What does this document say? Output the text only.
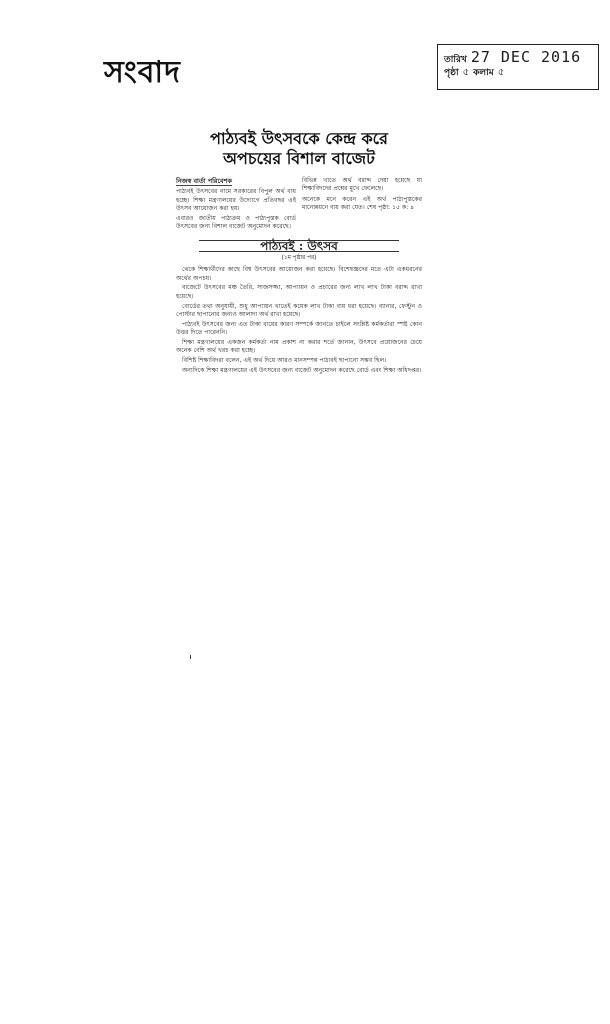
সংবাদ	তারিখ 27 DEC 2016
পৃষ্ঠা ৫ কলাম ৫
পাঠ্যবই উৎসবকে কেন্দ্র করে
অপচয়ের বিশাল বাজেট
নিজস্ব বার্তা পরিবেশক

পাঠ্যবই উৎসবের নামে সরকারের বিপুল অর্থ ব্যয় হচ্ছে। শিক্ষা মন্ত্রণালয়ের উদ্যোগে প্রতিবছর এই উৎসব আয়োজন করা হয়।

এবারও জাতীয় পাঠ্যক্রম ও পাঠ্যপুস্তক বোর্ড উৎসবের জন্য বিশাল বাজেট অনুমোদন করেছে।

বিভিন্ন খাতে অর্থ বরাদ্দ দেয়া হয়েছে যা শিক্ষাবিদদের প্রশ্নের মুখে ফেলেছে।

অনেকে মনে করেন এই অর্থ পাঠ্যপুস্তকের মানোন্নয়নে ব্যয় করা যেত। শেষ পৃষ্ঠা: ১৫ ক: ৪

পাঠ্যবই : উৎসব
(১ম পৃষ্ঠার পর)

থেকে শিক্ষার্থীদের কাছে বিশ্ব উৎসবের আয়োজন করা হয়েছে। বিশেষজ্ঞদের মতে এটা একধরনের অর্থের অপচয়।

বাজেটে উৎসবের মঞ্চ তৈরি, সাজসজ্জা, আপ্যায়ন ও প্রচারের জন্য লাখ লাখ টাকা বরাদ্দ রাখা হয়েছে।

বোর্ডের তথ্য অনুযায়ী, শুধু আপ্যায়ন খাতেই কয়েক লাখ টাকা ব্যয় ধরা হয়েছে। ব্যানার, ফেস্টুন ও পোস্টার ছাপানোর জন্যও আলাদা অর্থ রাখা হয়েছে।

পাঠ্যবই উৎসবের জন্য এত টাকা ব্যয়ের কারণ সম্পর্কে জানতে চাইলে সংশ্লিষ্ট কর্মকর্তারা স্পষ্ট কোন উত্তর দিতে পারেননি।

শিক্ষা মন্ত্রণালয়ের একজন কর্মকর্তা নাম প্রকাশ না করার শর্তে জানান, উৎসবে প্রয়োজনের চেয়ে অনেক বেশি অর্থ খরচ করা হচ্ছে।

বিশিষ্ট শিক্ষাবিদরা বলেন, এই অর্থ দিয়ে আরও মানসম্পন্ন পাঠ্যবই ছাপানো সম্ভব ছিল।

অন্যদিকে শিক্ষা মন্ত্রণালয়ের এই উৎসবের জন্য বাজেট অনুমোদন করেছে বোর্ড এবং শিক্ষা অধিদপ্তর।
